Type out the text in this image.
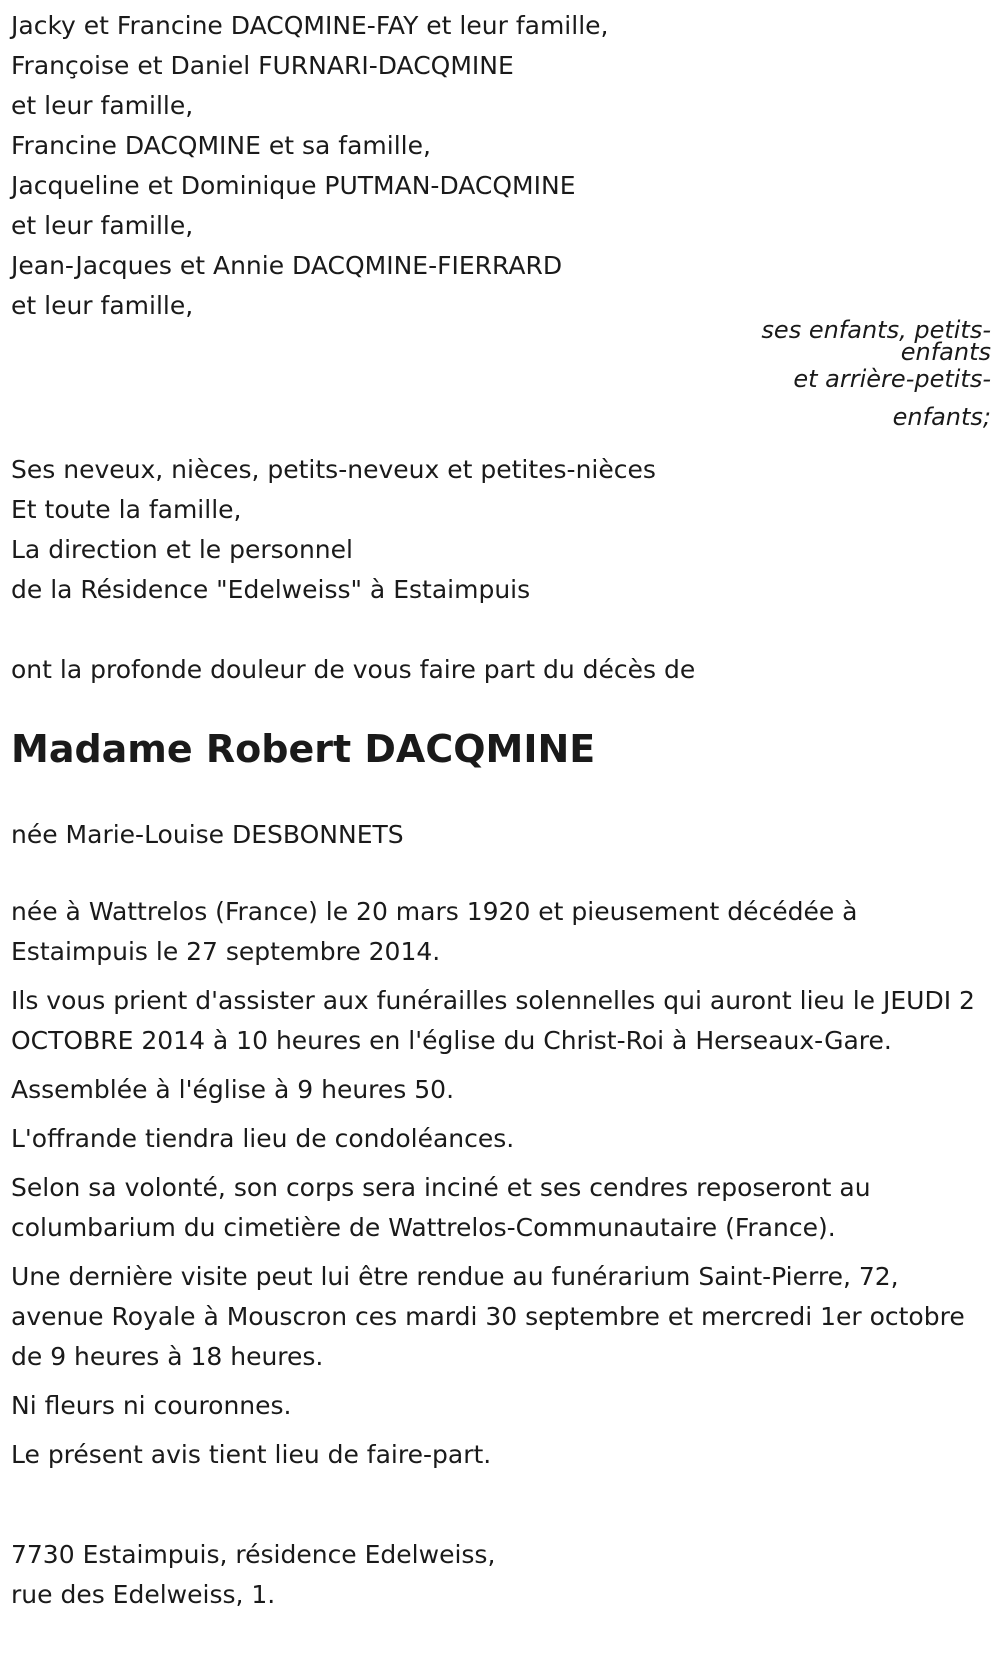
Jacky et Francine DACQMINE-FAY et leur famille,
Françoise et Daniel FURNARI-DACQMINE
et leur famille,
Francine DACQMINE et sa famille,
Jacqueline et Dominique PUTMAN-DACQMINE
et leur famille,
Jean-Jacques et Annie DACQMINE-FIERRARD
et leur famille,
ses enfants, petits-
enfants
et arrière-petits-
enfants;
Ses neveux, nièces, petits-neveux et petites-nièces
Et toute la famille,
La direction et le personnel
de la Résidence "Edelweiss" à Estaimpuis
ont la profonde douleur de vous faire part du décès de
Madame Robert DACQMINE
née Marie-Louise DESBONNETS

née à Wattrelos (France) le 20 mars 1920 et pieusement décédée à Estaimpuis le 27 septembre 2014.

Ils vous prient d'assister aux funérailles solennelles qui auront lieu le JEUDI 2 OCTOBRE 2014 à 10 heures en l'église du Christ-Roi à Herseaux-Gare.

Assemblée à l'église à 9 heures 50.

L'offrande tiendra lieu de condoléances.

Selon sa volonté, son corps sera inciné et ses cendres reposeront au columbarium du cimetière de Wattrelos-Communautaire (France).

Une dernière visite peut lui être rendue au funérarium Saint-Pierre, 72, avenue Royale à Mouscron ces mardi 30 septembre et mercredi 1er octobre de 9 heures à 18 heures.

Ni fleurs ni couronnes.

Le présent avis tient lieu de faire-part.

7730 Estaimpuis, résidence Edelweiss,
rue des Edelweiss, 1.
